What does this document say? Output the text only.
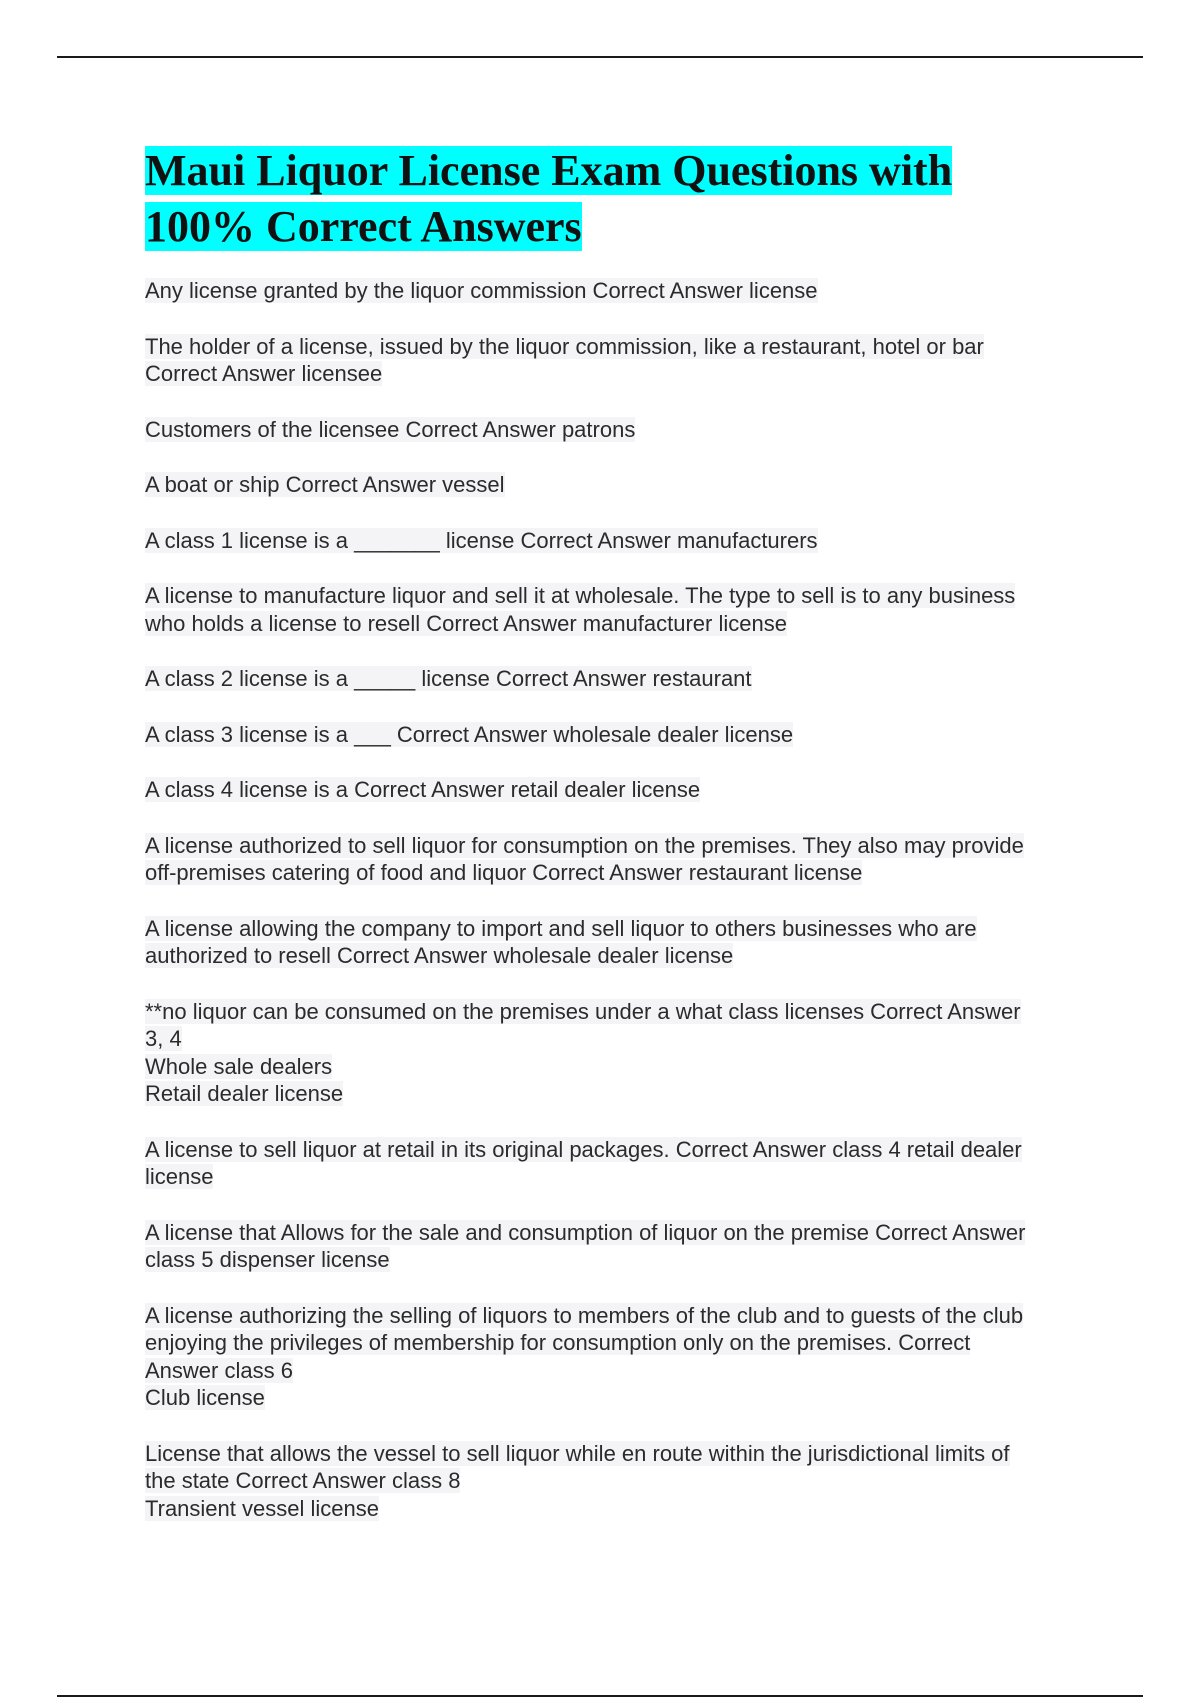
Maui Liquor License Exam Questions with 100% Correct Answers

Any license granted by the liquor commission Correct Answer license

The holder of a license, issued by the liquor commission, like a restaurant, hotel or bar Correct Answer licensee

Customers of the licensee Correct Answer patrons

A boat or ship Correct Answer vessel

A class 1 license is a _______ license Correct Answer manufacturers

A license to manufacture liquor and sell it at wholesale. The type to sell is to any business who holds a license to resell Correct Answer manufacturer license

A class 2 license is a _____ license Correct Answer restaurant

A class 3 license is a ___ Correct Answer wholesale dealer license

A class 4 license is a Correct Answer retail dealer license

A license authorized to sell liquor for consumption on the premises. They also may provide off-premises catering of food and liquor Correct Answer restaurant license

A license allowing the company to import and sell liquor to others businesses who are authorized to resell Correct Answer wholesale dealer license

**no liquor can be consumed on the premises under a what class licenses Correct Answer 3, 4
Whole sale dealers
Retail dealer license

A license to sell liquor at retail in its original packages. Correct Answer class 4 retail dealer license

A license that Allows for the sale and consumption of liquor on the premise Correct Answer class 5 dispenser license

A license authorizing the selling of liquors to members of the club and to guests of the club enjoying the privileges of membership for consumption only on the premises. Correct Answer class 6
Club license

License that allows the vessel to sell liquor while en route within the jurisdictional limits of the state Correct Answer class 8
Transient vessel license
